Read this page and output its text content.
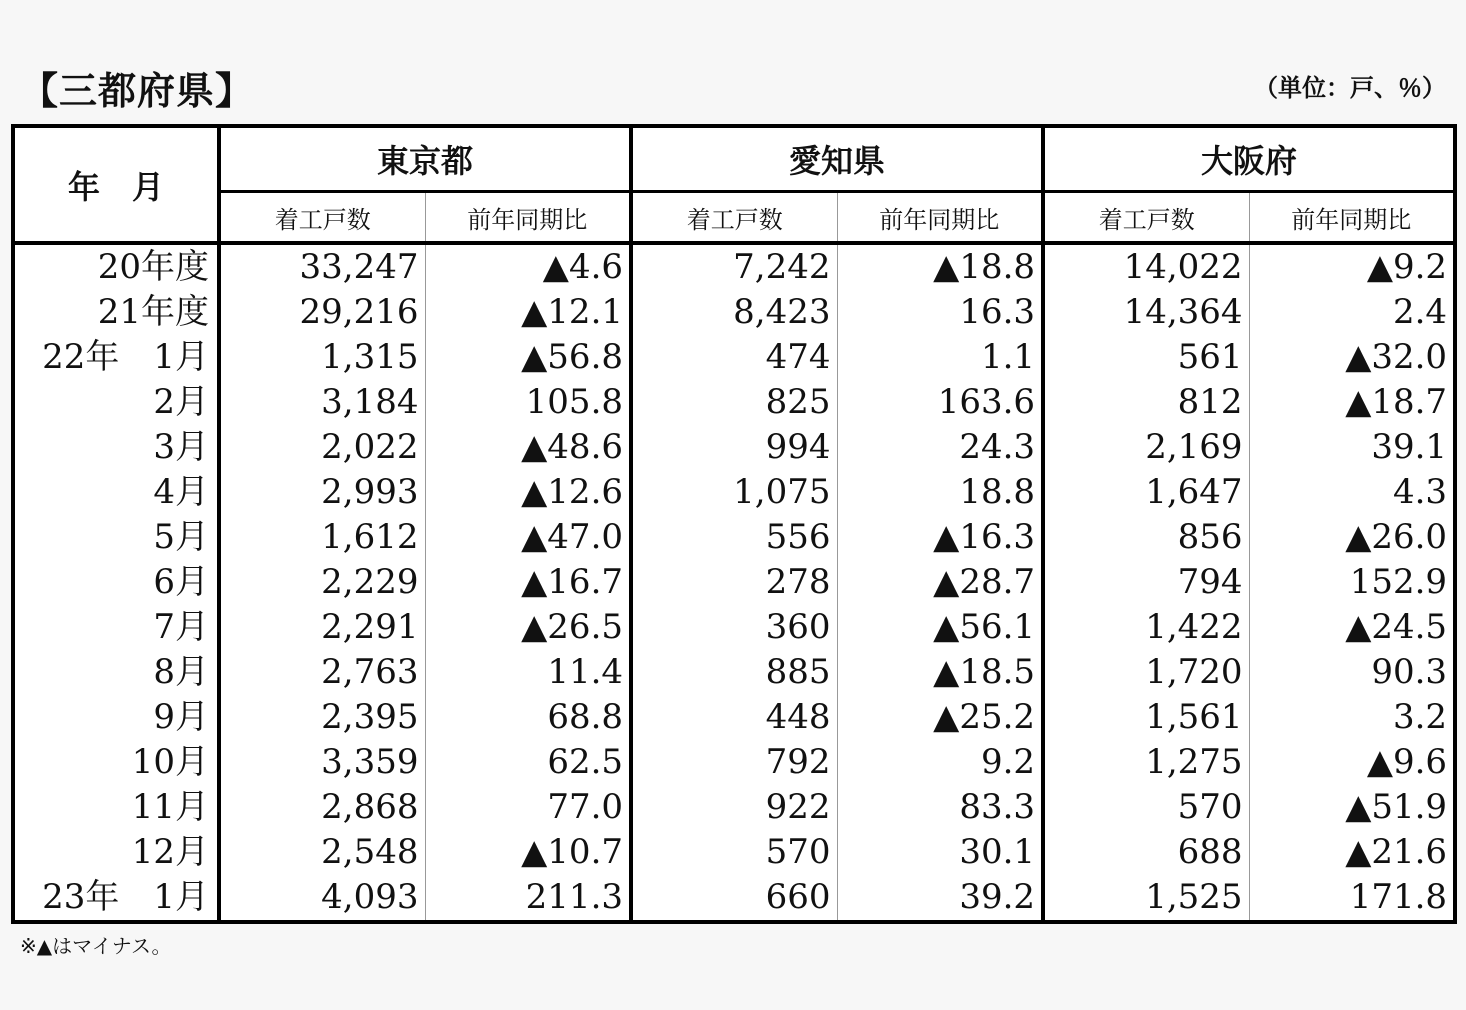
【三都府県】	（単位：戸、％）
年　月	東京都		愛知県		大阪府	
	着工戸数	前年同期比	着工戸数	前年同期比	着工戸数	前年同期比
20年度	33,247	▲4.6	7,242	▲18.8	14,022	▲9.2
21年度	29,216	▲12.1	8,423	16.3	14,364	2.4
22年　1月	1,315	▲56.8	474	1.1	561	▲32.0
2月	3,184	105.8	825	163.6	812	▲18.7
3月	2,022	▲48.6	994	24.3	2,169	39.1
4月	2,993	▲12.6	1,075	18.8	1,647	4.3
5月	1,612	▲47.0	556	▲16.3	856	▲26.0
6月	2,229	▲16.7	278	▲28.7	794	152.9
7月	2,291	▲26.5	360	▲56.1	1,422	▲24.5
8月	2,763	11.4	885	▲18.5	1,720	90.3
9月	2,395	68.8	448	▲25.2	1,561	3.2
10月	3,359	62.5	792	9.2	1,275	▲9.6
11月	2,868	77.0	922	83.3	570	▲51.9
12月	2,548	▲10.7	570	30.1	688	▲21.6
23年　1月	4,093	211.3	660	39.2	1,525	171.8
※▲はマイナス。
